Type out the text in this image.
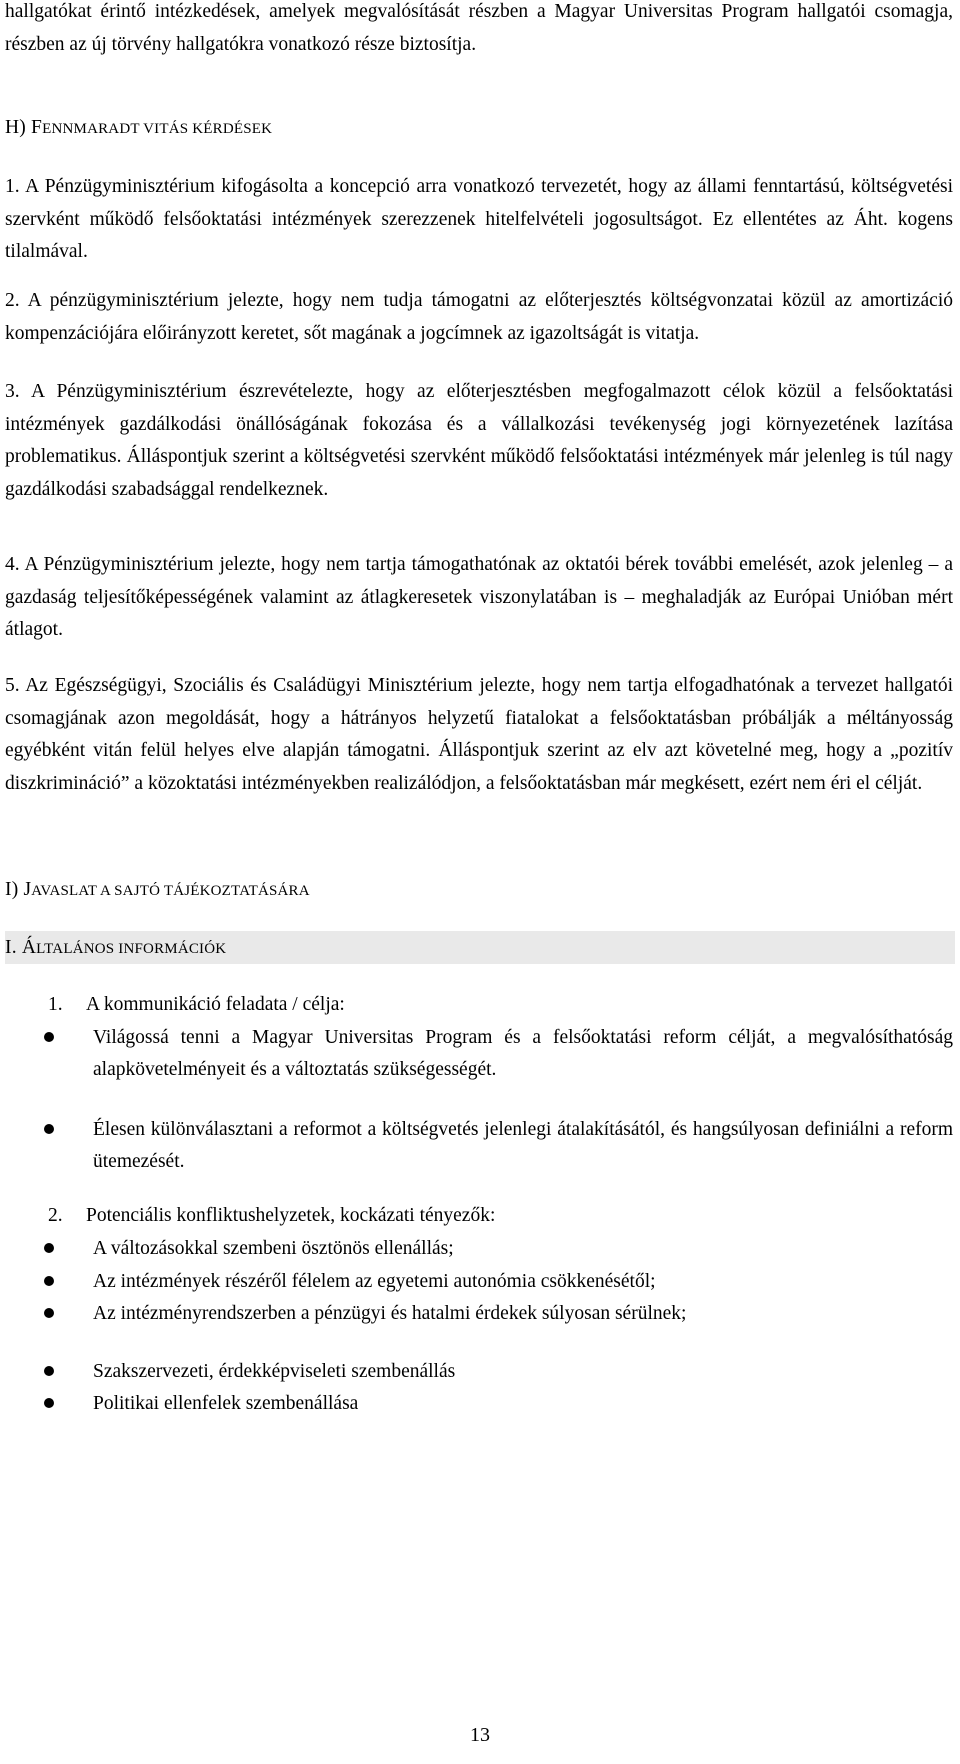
hallgatókat érintő intézkedések, amelyek megvalósítását részben a Magyar Universitas Program hallgatói csomagja, részben az új törvény hallgatókra vonatkozó része biztosítja.

H) FENNMARADT VITÁS KÉRDÉSEK

1. A Pénzügyminisztérium kifogásolta a koncepció arra vonatkozó tervezetét, hogy az állami fenntartású, költségvetési szervként működő felsőoktatási intézmények szerezzenek hitelfelvételi jogosultságot. Ez ellentétes az Áht. kogens tilalmával.

2. A pénzügyminisztérium jelezte, hogy nem tudja támogatni az előterjesztés költségvonzatai közül az amortizáció kompenzációjára előirányzott keretet, sőt magának a jogcímnek az igazoltságát is vitatja.

3. A Pénzügyminisztérium észrevételezte, hogy az előterjesztésben megfogalmazott célok közül a felsőoktatási intézmények gazdálkodási önállóságának fokozása és a vállalkozási tevékenység jogi környezetének lazítása problematikus. Álláspontjuk szerint a költségvetési szervként működő felsőoktatási intézmények már jelenleg is túl nagy gazdálkodási szabadsággal rendelkeznek.

4. A Pénzügyminisztérium jelezte, hogy nem tartja támogathatónak az oktatói bérek további emelését, azok jelenleg – a gazdaság teljesítőképességének valamint az átlagkeresetek viszonylatában is – meghaladják az Európai Unióban mért átlagot.

5. Az Egészségügyi, Szociális és Családügyi Minisztérium jelezte, hogy nem tartja elfogadhatónak a tervezet hallgatói csomagjának azon megoldását, hogy a hátrányos helyzetű fiatalokat a felsőoktatásban próbálják a méltányosság egyébként vitán felül helyes elve alapján támogatni. Álláspontjuk szerint az elv azt követelné meg, hogy a „pozitív diszkrimináció” a közoktatási intézményekben realizálódjon, a felsőoktatásban már megkésett, ezért nem éri el célját.

I) JAVASLAT A SAJTÓ TÁJÉKOZTATÁSÁRA

I. ÁLTALÁNOS INFORMÁCIÓK

1. A kommunikáció feladata / célja:

Világossá tenni a Magyar Universitas Program és a felsőoktatási reform célját, a megvalósíthatóság alapkövetelményeit és a változtatás szükségességét.
Élesen különválasztani a reformot a költségvetés jelenlegi átalakításától, és hangsúlyosan definiálni a reform ütemezését.

2. Potenciális konfliktushelyzetek, kockázati tényezők:

A változásokkal szembeni ösztönös ellenállás;
Az intézmények részéről félelem az egyetemi autonómia csökkenésétől;
Az intézményrendszerben a pénzügyi és hatalmi érdekek súlyosan sérülnek;
Szakszervezeti, érdekképviseleti szembenállás
Politikai ellenfelek szembenállása
13
